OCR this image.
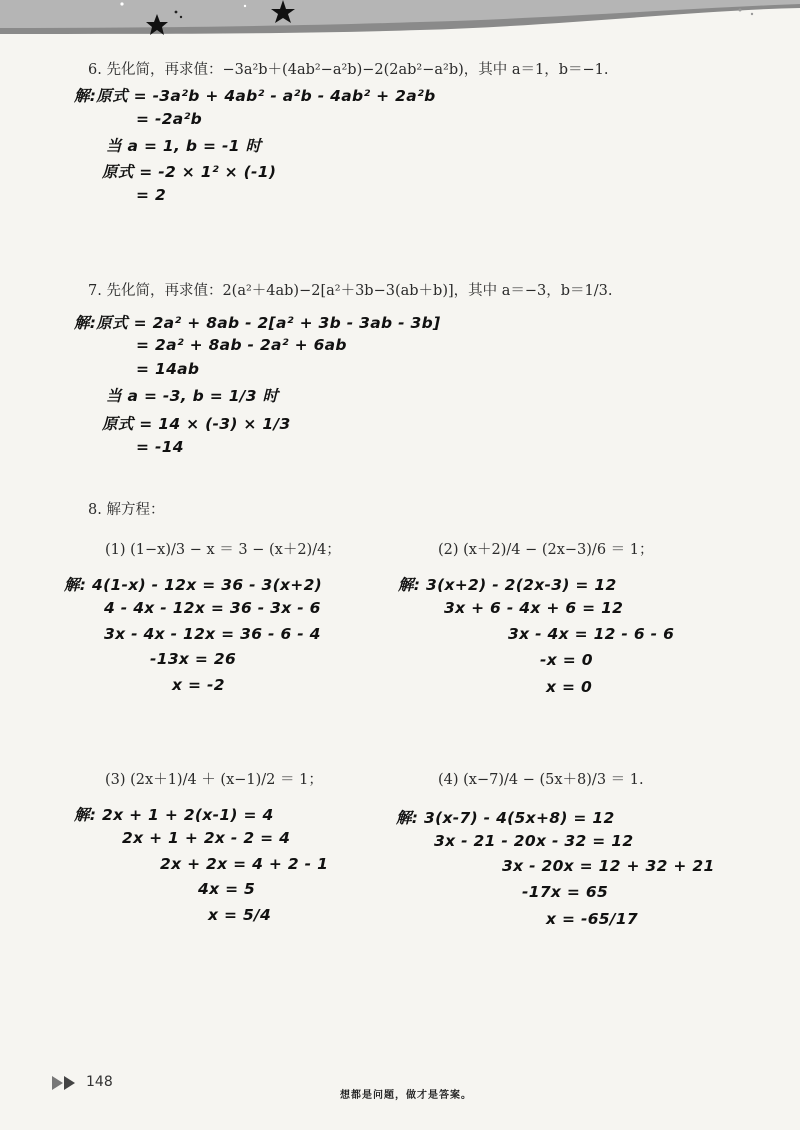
6. 先化简，再求值：−3a²b＋(4ab²−a²b)−2(2ab²−a²b)，其中 a＝1，b＝−1.
解:原式 = -3a²b + 4ab² - a²b - 4ab² + 2a²b
= -2a²b
当 a = 1, b = -1 时
原式 = -2 × 1² × (-1)
= 2
7. 先化简，再求值：2(a²＋4ab)−2[a²＋3b−3(ab＋b)]，其中 a＝−3，b＝1/3.
解:原式 = 2a² + 8ab - 2[a² + 3b - 3ab - 3b]
= 2a² + 8ab - 2a² + 6ab
= 14ab
当 a = -3, b = 1/3 时
原式 = 14 × (-3) × 1/3
= -14
8. 解方程：
(1) (1−x)/3 − x ＝ 3 − (x＋2)/4；
解: 4(1-x) - 12x = 36 - 3(x+2)
4 - 4x - 12x = 36 - 3x - 6
3x - 4x - 12x = 36 - 6 - 4
-13x = 26
x = -2
(2) (x＋2)/4 − (2x−3)/6 ＝ 1；
解: 3(x+2) - 2(2x-3) = 12
3x + 6 - 4x + 6 = 12
3x - 4x = 12 - 6 - 6
-x = 0
x = 0
(3) (2x＋1)/4 ＋ (x−1)/2 ＝ 1；
解: 2x + 1 + 2(x-1) = 4
2x + 1 + 2x - 2 = 4
2x + 2x = 4 + 2 - 1
4x = 5
x = 5/4
(4) (x−7)/4 − (5x＋8)/3 ＝ 1.
解: 3(x-7) - 4(5x+8) = 12
3x - 21 - 20x - 32 = 12
3x - 20x = 12 + 32 + 21
-17x = 65
x = -65/17
148
想都是问题，做才是答案。
